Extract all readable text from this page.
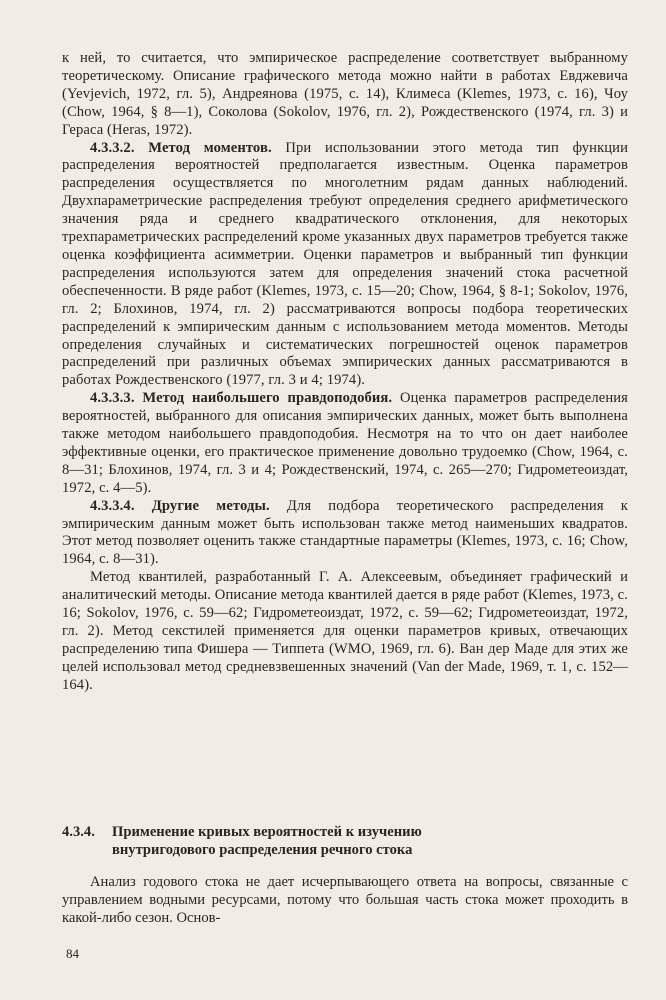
к ней, то считается, что эмпирическое распределение соответствует выбранному теоретическому. Описание графического метода можно найти в работах Евджевича (Yevjevich, 1972, гл. 5), Андреянова (1975, с. 14), Климеса (Klemes, 1973, с. 16), Чоу (Chow, 1964, § 8—1), Соколова (Sokolov, 1976, гл. 2), Рождественского (1974, гл. 3) и Гераса (Heras, 1972).

4.3.3.2. Метод моментов. При использовании этого метода тип функции распределения вероятностей предполагается известным. Оценка параметров распределения осуществляется по многолетним рядам данных наблюдений. Двухпараметрические распределения требуют определения среднего арифметического значения ряда и среднего квадратического отклонения, для некоторых трехпараметрических распределений кроме указанных двух параметров требуется также оценка коэффициента асимметрии. Оценки параметров и выбранный тип функции распределения используются затем для определения значений стока расчетной обеспеченности. В ряде работ (Klemes, 1973, с. 15—20; Chow, 1964, § 8-1; Sokolov, 1976, гл. 2; Блохинов, 1974, гл. 2) рассматриваются вопросы подбора теоретических распределений к эмпирическим данным с использованием метода моментов. Методы определения случайных и систематических погрешностей оценок параметров распределений при различных объемах эмпирических данных рассматриваются в работах Рождественского (1977, гл. 3 и 4; 1974).

4.3.3.3. Метод наибольшего правдоподобия. Оценка параметров распределения вероятностей, выбранного для описания эмпирических данных, может быть выполнена также методом наибольшего правдоподобия. Несмотря на то что он дает наиболее эффективные оценки, его практическое применение довольно трудоемко (Chow, 1964, с. 8—31; Блохинов, 1974, гл. 3 и 4; Рождественский, 1974, с. 265—270; Гидрометеоиздат, 1972, с. 4—5).

4.3.3.4. Другие методы. Для подбора теоретического распределения к эмпирическим данным может быть использован также метод наименьших квадратов. Этот метод позволяет оценить также стандартные параметры (Klemes, 1973, с. 16; Chow, 1964, с. 8—31).

Метод квантилей, разработанный Г. А. Алексеевым, объединяет графический и аналитический методы. Описание метода квантилей дается в ряде работ (Klemes, 1973, с. 16; Sokolov, 1976, с. 59—62; Гидрометеоиздат, 1972, с. 59—62; Гидрометеоиздат, 1972, гл. 2). Метод секстилей применяется для оценки параметров кривых, отвечающих распределению типа Фишера — Типпета (WMO, 1969, гл. 6). Ван дер Маде для этих же целей использовал метод средневзвешенных значений (Van der Made, 1969, т. 1, с. 152—164).

4.3.4. Применение кривых вероятностей к изучению
внутригодового распределения речного стока

Анализ годового стока не дает исчерпывающего ответа на вопросы, связанные с управлением водными ресурсами, потому что большая часть стока может проходить в какой-либо сезон. Основ-

84
